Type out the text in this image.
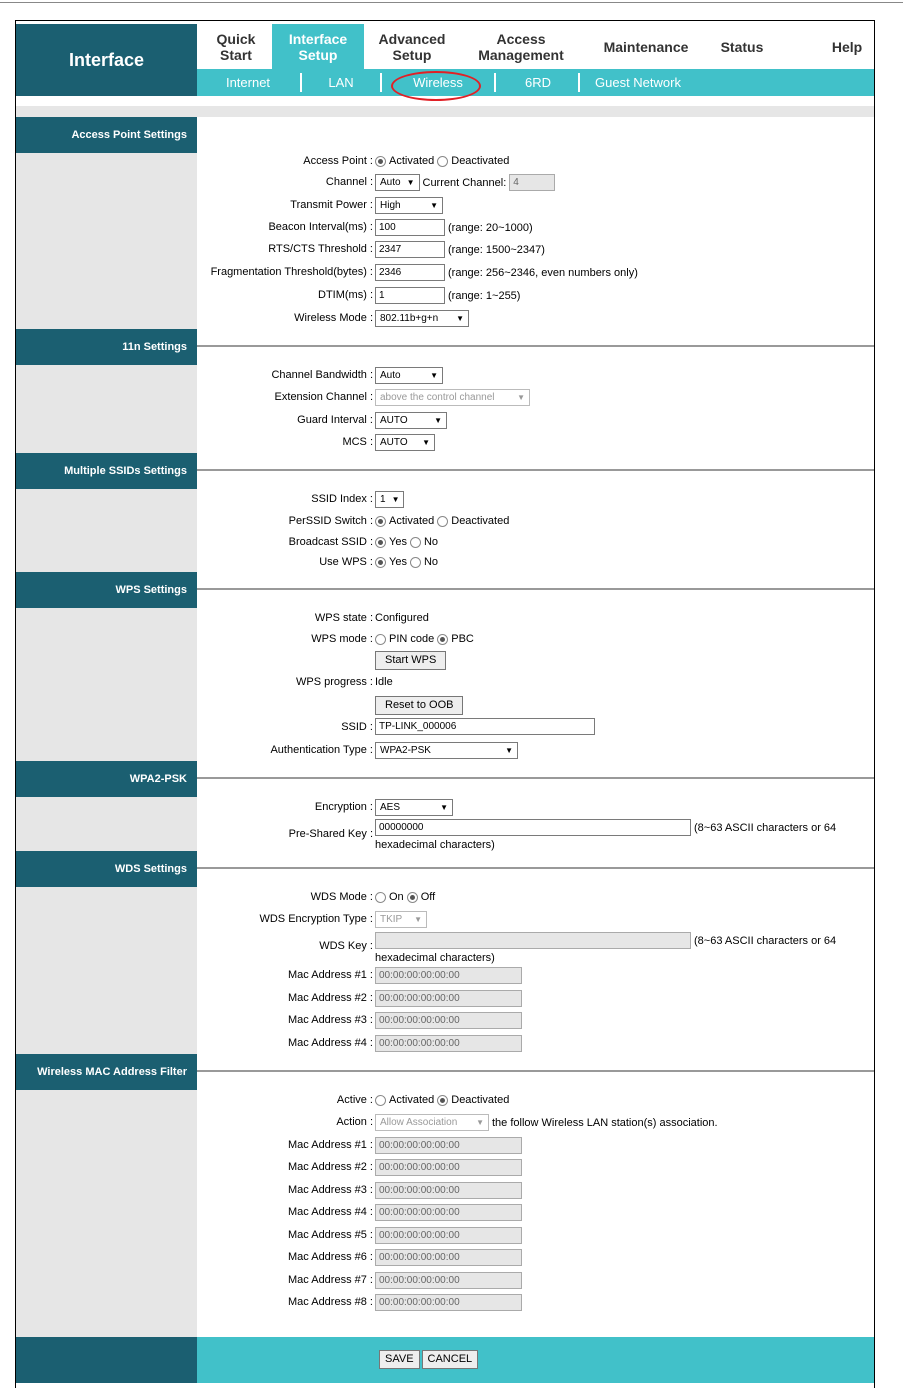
Interface
Quick
Start
Interface
Setup
Advanced
Setup
Access
Management	Maintenance	Status	Help
Internet	LAN	Wireless	6RD	Guest Network
Access Point Settings
Access Point : Activated Deactivated
Channel : Auto ▼ Current Channel: 4
Transmit Power : High	▼
Beacon Interval(ms) : 100	(range: 20~1000)
RTS/CTS Threshold : 2347	(range: 1500~2347)
Fragmentation Threshold(bytes) : 2346	(range: 256~2346, even numbers only)
DTIM(ms) : 1	(range: 1~255)
Wireless Mode : 802.11b+g+n ▼
11n Settings
Channel Bandwidth : Auto	▼
Extension Channel : above the control channel	▼
Guard Interval : AUTO	▼
MCS : AUTO ▼
Multiple SSIDs Settings
SSID Index : 1 ▼
PerSSID Switch : Activated Deactivated
Broadcast SSID : Yes No
Use WPS : Yes No
WPS Settings
WPS state : Configured
WPS mode : PIN code PBC
Start WPS
WPS progress : Idle
Reset to OOB
SSID : TP-LINK_000006
Authentication Type : WPA2-PSK	▼
WPA2-PSK
Encryption : AES	▼
Pre-Shared Key :
00000000	(8~63 ASCII characters or 64
hexadecimal characters)
WDS Settings
WDS Mode : On Off
WDS Encryption Type : TKIP ▼
WDS Key :	(8~63 ASCII characters or 64
hexadecimal characters)
Mac Address #1 : 00:00:00:00:00:00
Mac Address #2 : 00:00:00:00:00:00
Mac Address #3 : 00:00:00:00:00:00
Mac Address #4 : 00:00:00:00:00:00
Wireless MAC Address Filter
Active : Activated Deactivated
Action : Allow Association ▼ the follow Wireless LAN station(s) association.
Mac Address #1 : 00:00:00:00:00:00
Mac Address #2 : 00:00:00:00:00:00
Mac Address #3 : 00:00:00:00:00:00
Mac Address #4 : 00:00:00:00:00:00
Mac Address #5 : 00:00:00:00:00:00
Mac Address #6 : 00:00:00:00:00:00
Mac Address #7 : 00:00:00:00:00:00
Mac Address #8 : 00:00:00:00:00:00
SAVE	CANCEL
